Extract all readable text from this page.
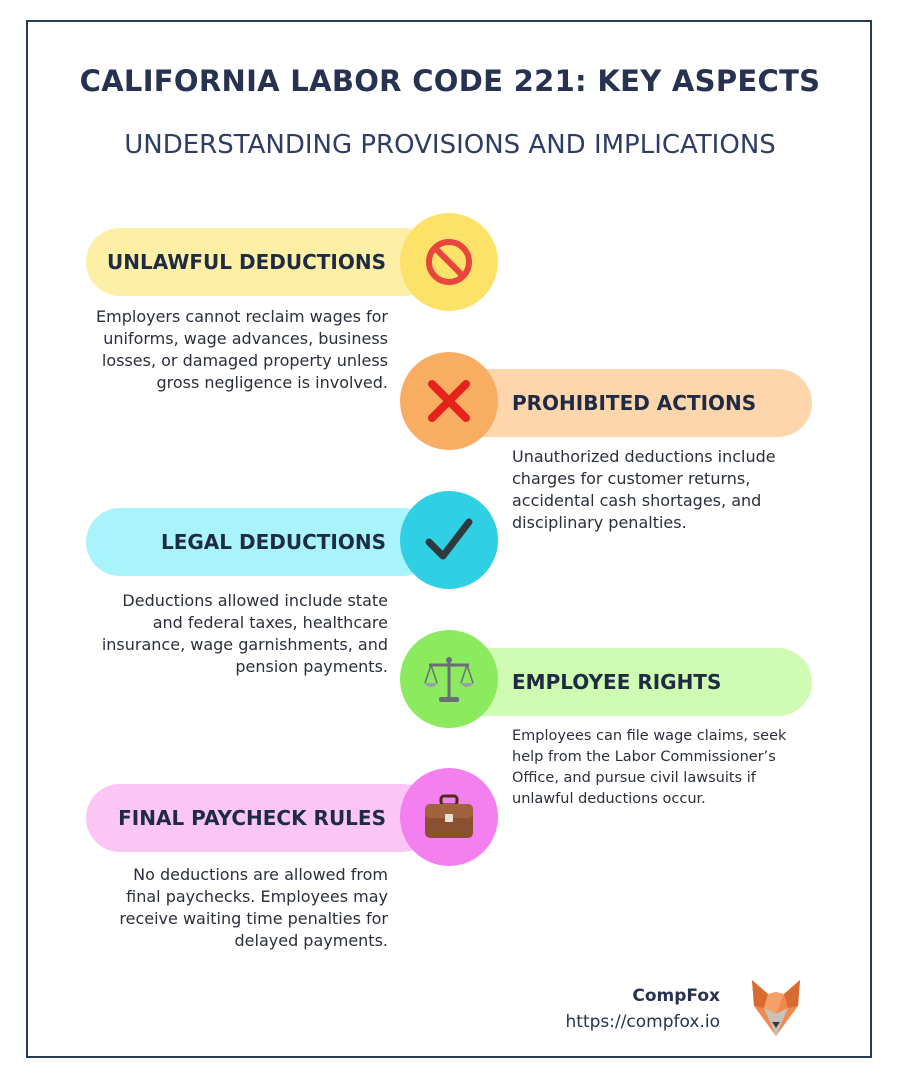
CALIFORNIA LABOR CODE 221: KEY ASPECTS
UNDERSTANDING PROVISIONS AND IMPLICATIONS
UNLAWFUL DEDUCTIONS
Employers cannot reclaim wages for uniforms, wage advances, business losses, or damaged property unless gross negligence is involved.
PROHIBITED ACTIONS
Unauthorized deductions include charges for customer returns, accidental cash shortages, and disciplinary penalties.
LEGAL DEDUCTIONS
Deductions allowed include state and federal taxes, healthcare insurance, wage garnishments, and pension payments.
EMPLOYEE RIGHTS
Employees can file wage claims, seek help from the Labor Commissioner’s Office, and pursue civil lawsuits if unlawful deductions occur.
FINAL PAYCHECK RULES
No deductions are allowed from final paychecks. Employees may receive waiting time penalties for delayed payments.
CompFox
https://compfox.io
